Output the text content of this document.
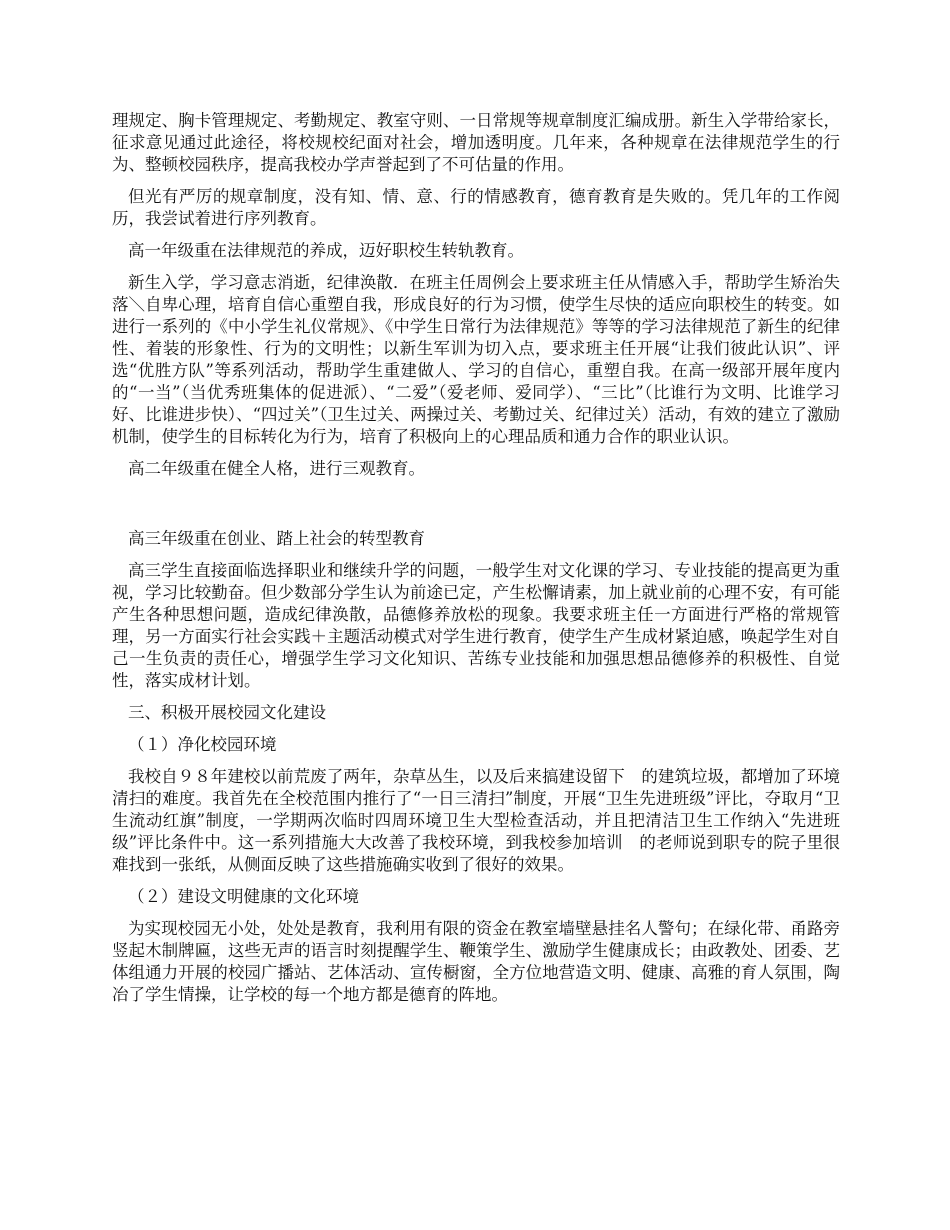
理规定、胸卡管理规定、考勤规定、教室守则、一日常规等规章制度汇编成册。新生入学带给家长，征求意见通过此途径，将校规校纪面对社会，增加透明度。几年来，各种规章在法律规范学生的行为、整顿校园秩序，提高我校办学声誉起到了不可估量的作用。

但光有严厉的规章制度，没有知、情、意、行的情感教育，德育教育是失败的。凭几年的工作阅历，我尝试着进行序列教育。

高一年级重在法律规范的养成，迈好职校生转轨教育。

新生入学，学习意志消逝，纪律涣散．在班主任周例会上要求班主任从情感入手，帮助学生矫治失落＼自卑心理，培育自信心重塑自我，形成良好的行为习惯，使学生尽快的适应向职校生的转变。如进行一系列的《中小学生礼仪常规》、《中学生日常行为法律规范》等等的学习法律规范了新生的纪律性、着装的形象性、行为的文明性；以新生军训为切入点，要求班主任开展“让我们彼此认识”、评选“优胜方队”等系列活动，帮助学生重建做人、学习的自信心，重塑自我。在高一级部开展年度内的“一当”（当优秀班集体的促进派）、“二爱”（爱老师、爱同学）、“三比”（比谁行为文明、比谁学习好、比谁进步快）、“四过关”（卫生过关、两操过关、考勤过关、纪律过关）活动，有效的建立了激励机制，使学生的目标转化为行为，培育了积极向上的心理品质和通力合作的职业认识。

高二年级重在健全人格，进行三观教育。

高三年级重在创业、踏上社会的转型教育

高三学生直接面临选择职业和继续升学的问题，一般学生对文化课的学习、专业技能的提高更为重视，学习比较勤奋。但少数部分学生认为前途已定，产生松懈请素，加上就业前的心理不安，有可能产生各种思想问题，造成纪律涣散，品德修养放松的现象。我要求班主任一方面进行严格的常规管理，另一方面实行社会实践＋主题活动模式对学生进行教育，使学生产生成材紧迫感，唤起学生对自己一生负责的责任心，增强学生学习文化知识、苦练专业技能和加强思想品德修养的积极性、自觉性，落实成材计划。

三、积极开展校园文化建设

（１）净化校园环境

我校自９８年建校以前荒废了两年，杂草丛生，以及后来搞建设留下　的建筑垃圾，都增加了环境清扫的难度。我首先在全校范围内推行了“一日三清扫”制度，开展“卫生先进班级”评比，夺取月“卫生流动红旗”制度，一学期两次临时四周环境卫生大型检查活动，并且把清洁卫生工作纳入“先进班级”评比条件中。这一系列措施大大改善了我校环境，到我校参加培训　的老师说到职专的院子里很难找到一张纸，从侧面反映了这些措施确实收到了很好的效果。

（２）建设文明健康的文化环境

为实现校园无小处，处处是教育，我利用有限的资金在教室墙壁悬挂名人警句；在绿化带、甬路旁竖起木制牌匾，这些无声的语言时刻提醒学生、鞭策学生、激励学生健康成长；由政教处、团委、艺体组通力开展的校园广播站、艺体活动、宣传橱窗，全方位地营造文明、健康、高雅的育人氛围，陶冶了学生情操，让学校的每一个地方都是德育的阵地。
